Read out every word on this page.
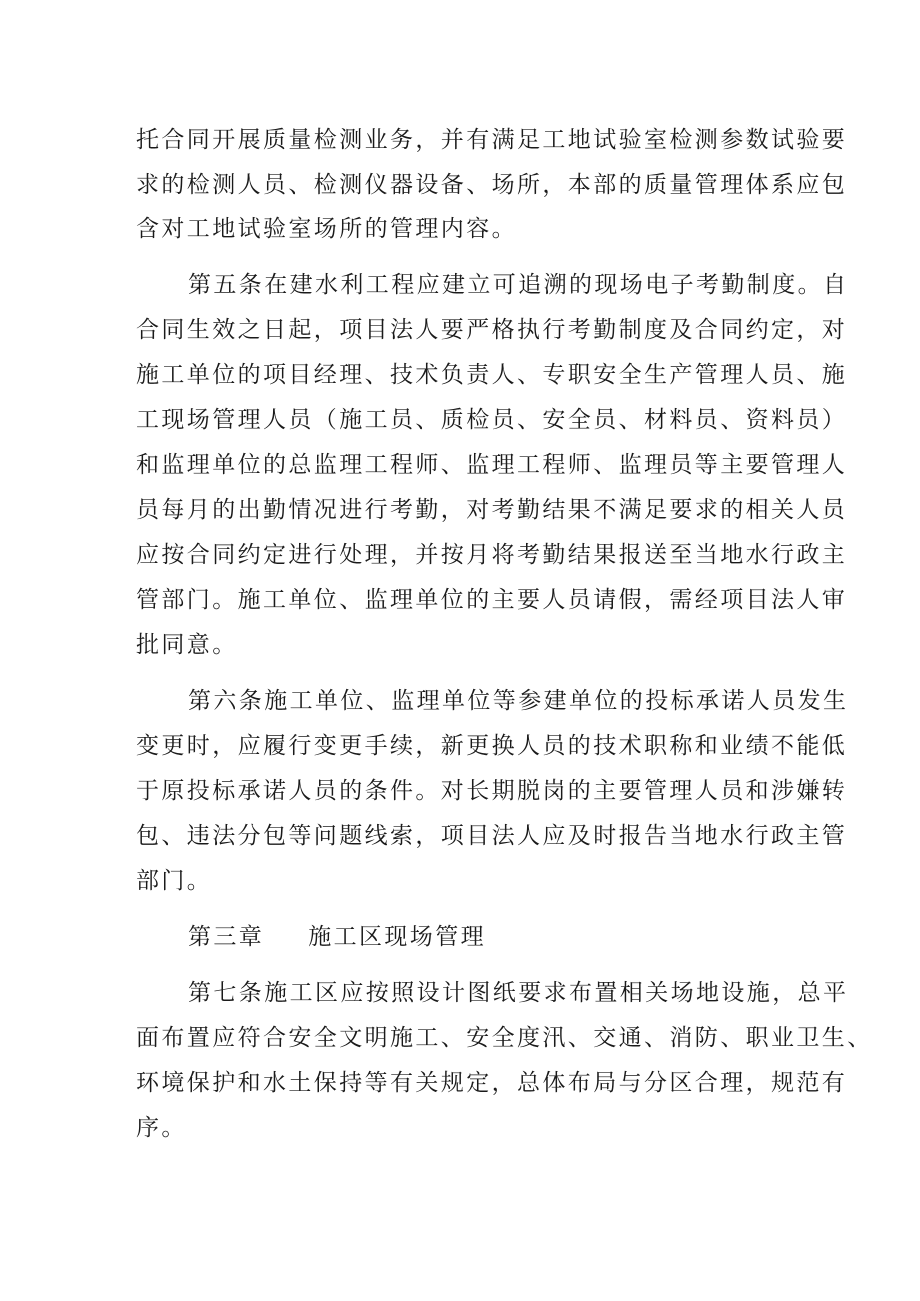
托合同开展质量检测业务，并有满足工地试验室检测参数试验要
求的检测人员、检测仪器设备、场所，本部的质量管理体系应包
含对工地试验室场所的管理内容。
第五条在建水利工程应建立可追溯的现场电子考勤制度。自
合同生效之日起，项目法人要严格执行考勤制度及合同约定，对
施工单位的项目经理、技术负责人、专职安全生产管理人员、施
工现场管理人员（施工员、质检员、安全员、材料员、资料员）
和监理单位的总监理工程师、监理工程师、监理员等主要管理人
员每月的出勤情况进行考勤，对考勤结果不满足要求的相关人员
应按合同约定进行处理，并按月将考勤结果报送至当地水行政主
管部门。施工单位、监理单位的主要人员请假，需经项目法人审
批同意。
第六条施工单位、监理单位等参建单位的投标承诺人员发生
变更时，应履行变更手续，新更换人员的技术职称和业绩不能低
于原投标承诺人员的条件。对长期脱岗的主要管理人员和涉嫌转
包、违法分包等问题线索，项目法人应及时报告当地水行政主管
部门。
第三章 施工区现场管理
第七条施工区应按照设计图纸要求布置相关场地设施，总平
面布置应符合安全文明施工、安全度汛、交通、消防、职业卫生、
环境保护和水土保持等有关规定，总体布局与分区合理，规范有
序。
